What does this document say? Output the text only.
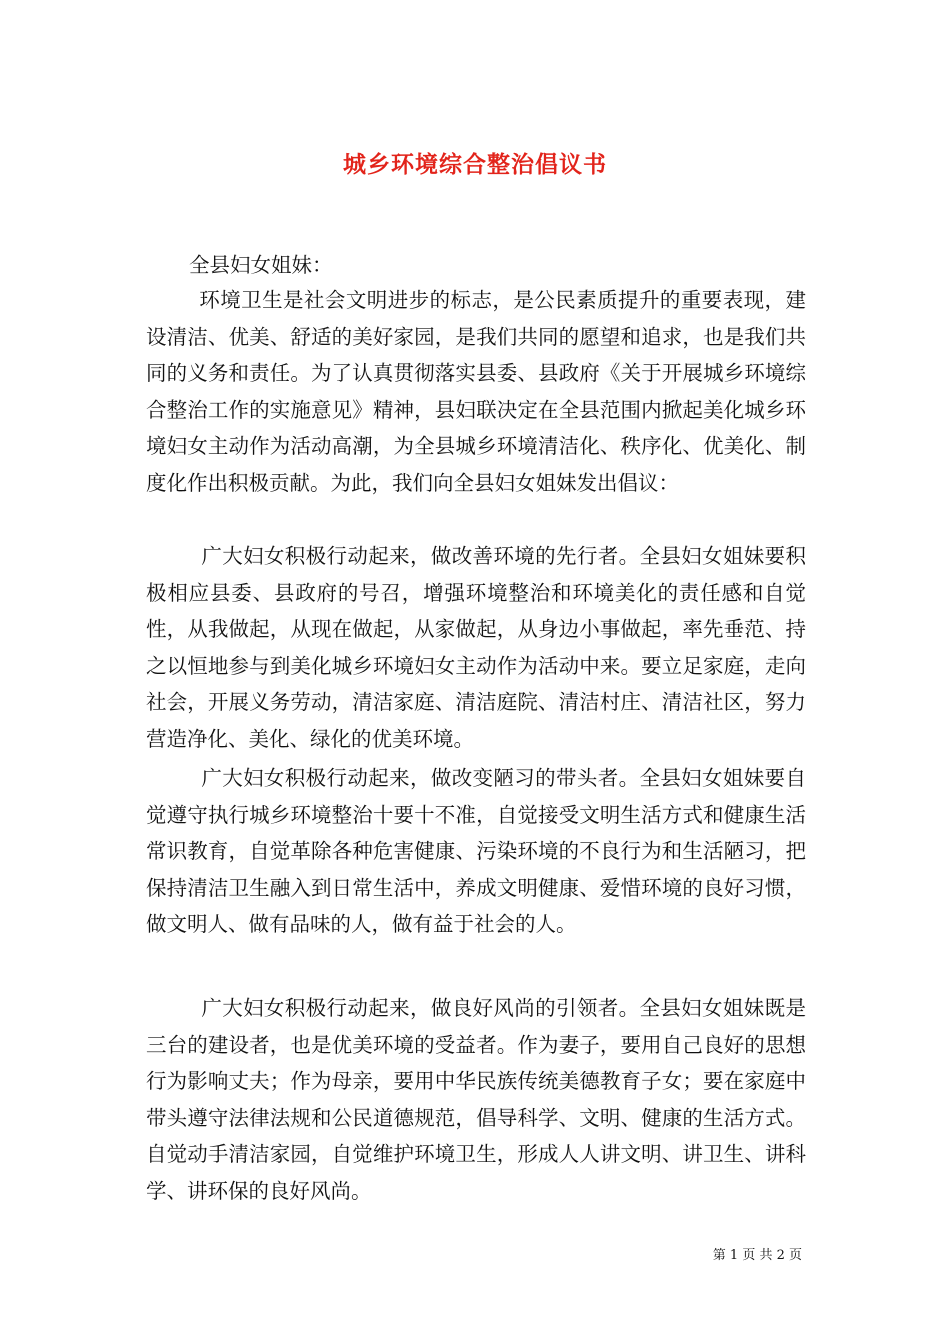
城乡环境综合整治倡议书
全县妇女姐妹：

环境卫生是社会文明进步的标志，是公民素质提升的重要表现，建设清洁、优美、舒适的美好家园，是我们共同的愿望和追求，也是我们共同的义务和责任。为了认真贯彻落实县委、县政府《关于开展城乡环境综合整治工作的实施意见》精神，县妇联决定在全县范围内掀起美化城乡环境妇女主动作为活动高潮，为全县城乡环境清洁化、秩序化、优美化、制度化作出积极贡献。为此，我们向全县妇女姐妹发出倡议：

广大妇女积极行动起来，做改善环境的先行者。全县妇女姐妹要积极相应县委、县政府的号召，增强环境整治和环境美化的责任感和自觉性，从我做起，从现在做起，从家做起，从身边小事做起，率先垂范、持之以恒地参与到美化城乡环境妇女主动作为活动中来。要立足家庭，走向社会，开展义务劳动，清洁家庭、清洁庭院、清洁村庄、清洁社区，努力营造净化、美化、绿化的优美环境。

广大妇女积极行动起来，做改变陋习的带头者。全县妇女姐妹要自觉遵守执行城乡环境整治十要十不准，自觉接受文明生活方式和健康生活常识教育，自觉革除各种危害健康、污染环境的不良行为和生活陋习，把保持清洁卫生融入到日常生活中，养成文明健康、爱惜环境的良好习惯，做文明人、做有品味的人，做有益于社会的人。

广大妇女积极行动起来，做良好风尚的引领者。全县妇女姐妹既是三台的建设者，也是优美环境的受益者。作为妻子，要用自己良好的思想行为影响丈夫；作为母亲，要用中华民族传统美德教育子女；要在家庭中带头遵守法律法规和公民道德规范，倡导科学、文明、健康的生活方式。自觉动手清洁家园，自觉维护环境卫生，形成人人讲文明、讲卫生、讲科学、讲环保的良好风尚。

第 1 页 共 2 页
